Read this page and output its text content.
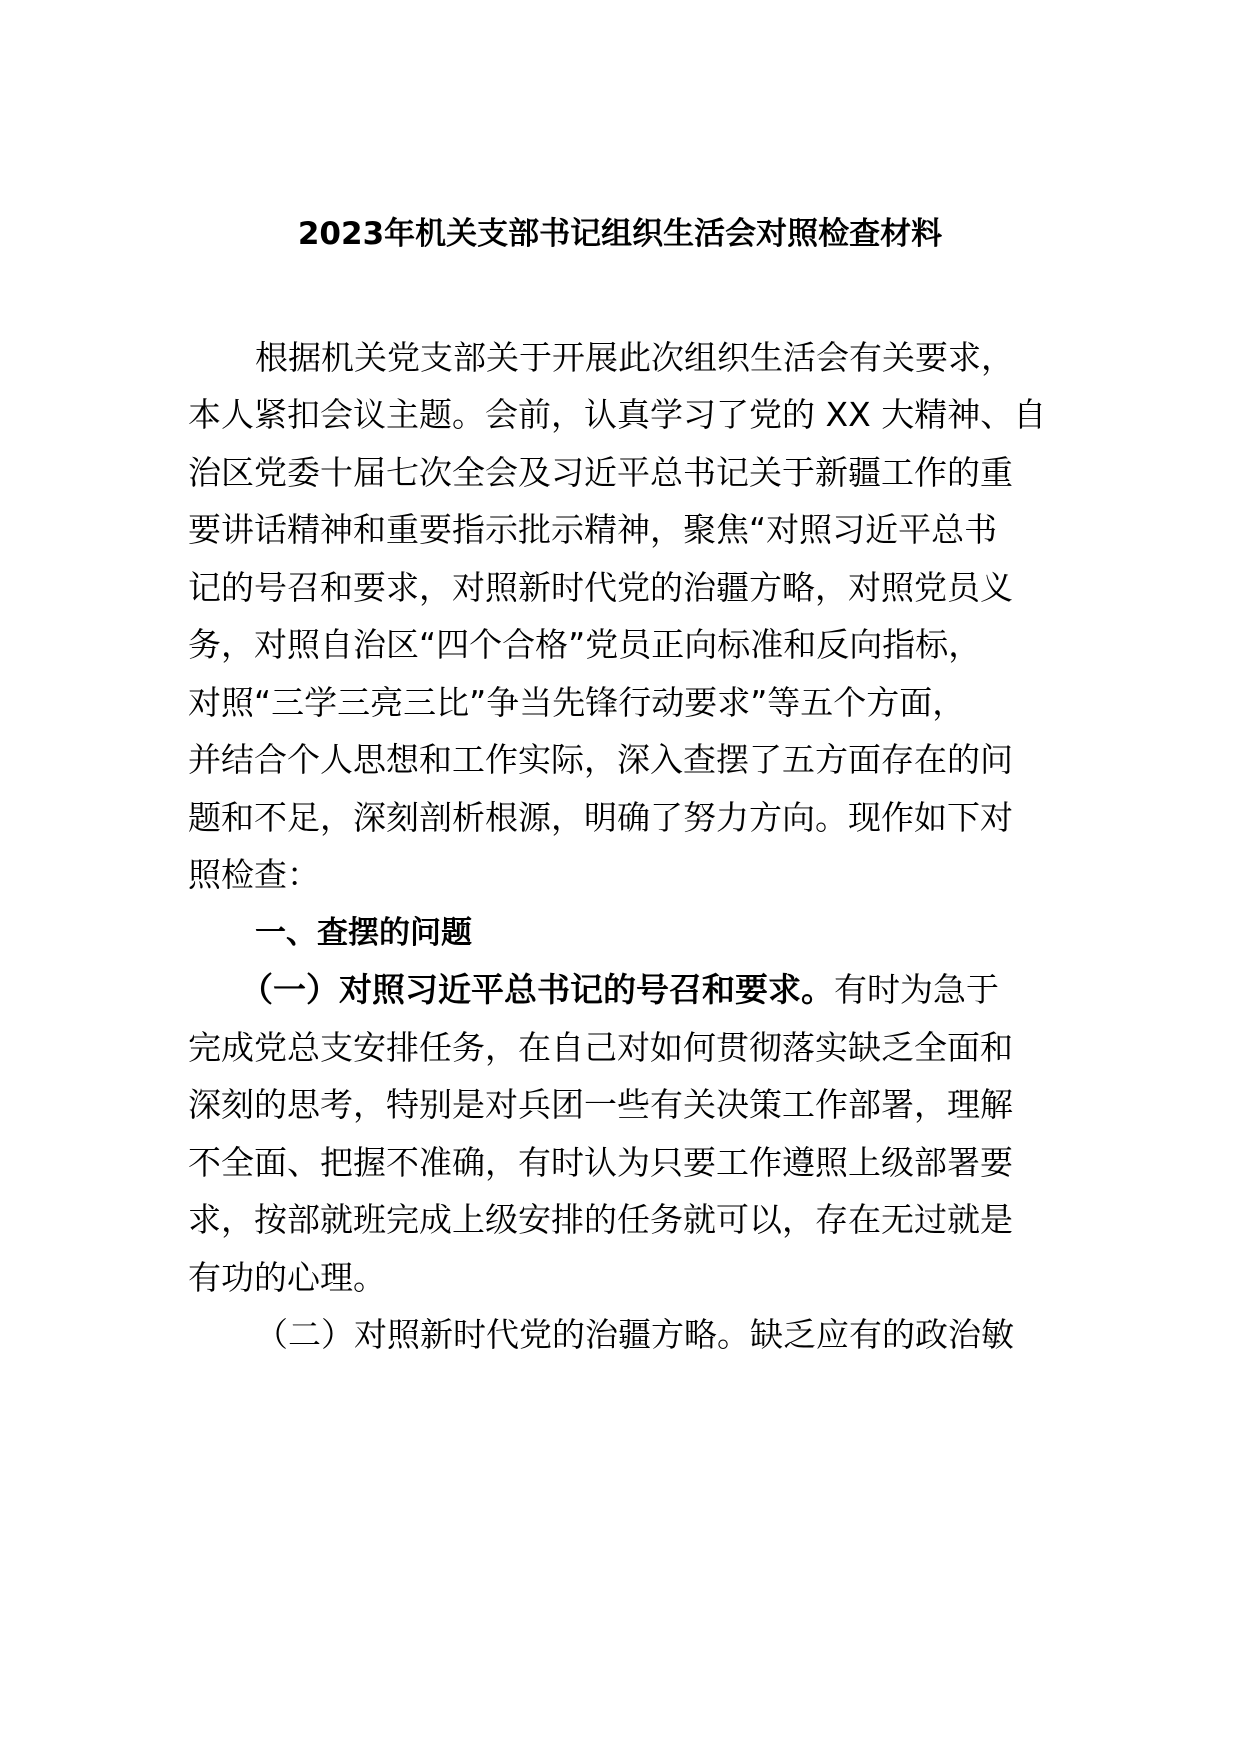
2023年机关支部书记组织生活会对照检查材料
根据机关党支部关于开展此次组织生活会有关要求，
本人紧扣会议主题。会前，认真学习了党的 XX 大精神、自
治区党委十届七次全会及习近平总书记关于新疆工作的重
要讲话精神和重要指示批示精神，聚焦“对照习近平总书
记的号召和要求，对照新时代党的治疆方略，对照党员义
务，对照自治区“四个合格”党员正向标准和反向指标，
对照“三学三亮三比”争当先锋行动要求”等五个方面，
并结合个人思想和工作实际，深入查摆了五方面存在的问
题和不足，深刻剖析根源，明确了努力方向。现作如下对
照检查：
一、查摆的问题
（一）对照习近平总书记的号召和要求。有时为急于
完成党总支安排任务，在自己对如何贯彻落实缺乏全面和
深刻的思考，特别是对兵团一些有关决策工作部署，理解
不全面、把握不准确，有时认为只要工作遵照上级部署要
求，按部就班完成上级安排的任务就可以，存在无过就是
有功的心理。
（二）对照新时代党的治疆方略。缺乏应有的政治敏
